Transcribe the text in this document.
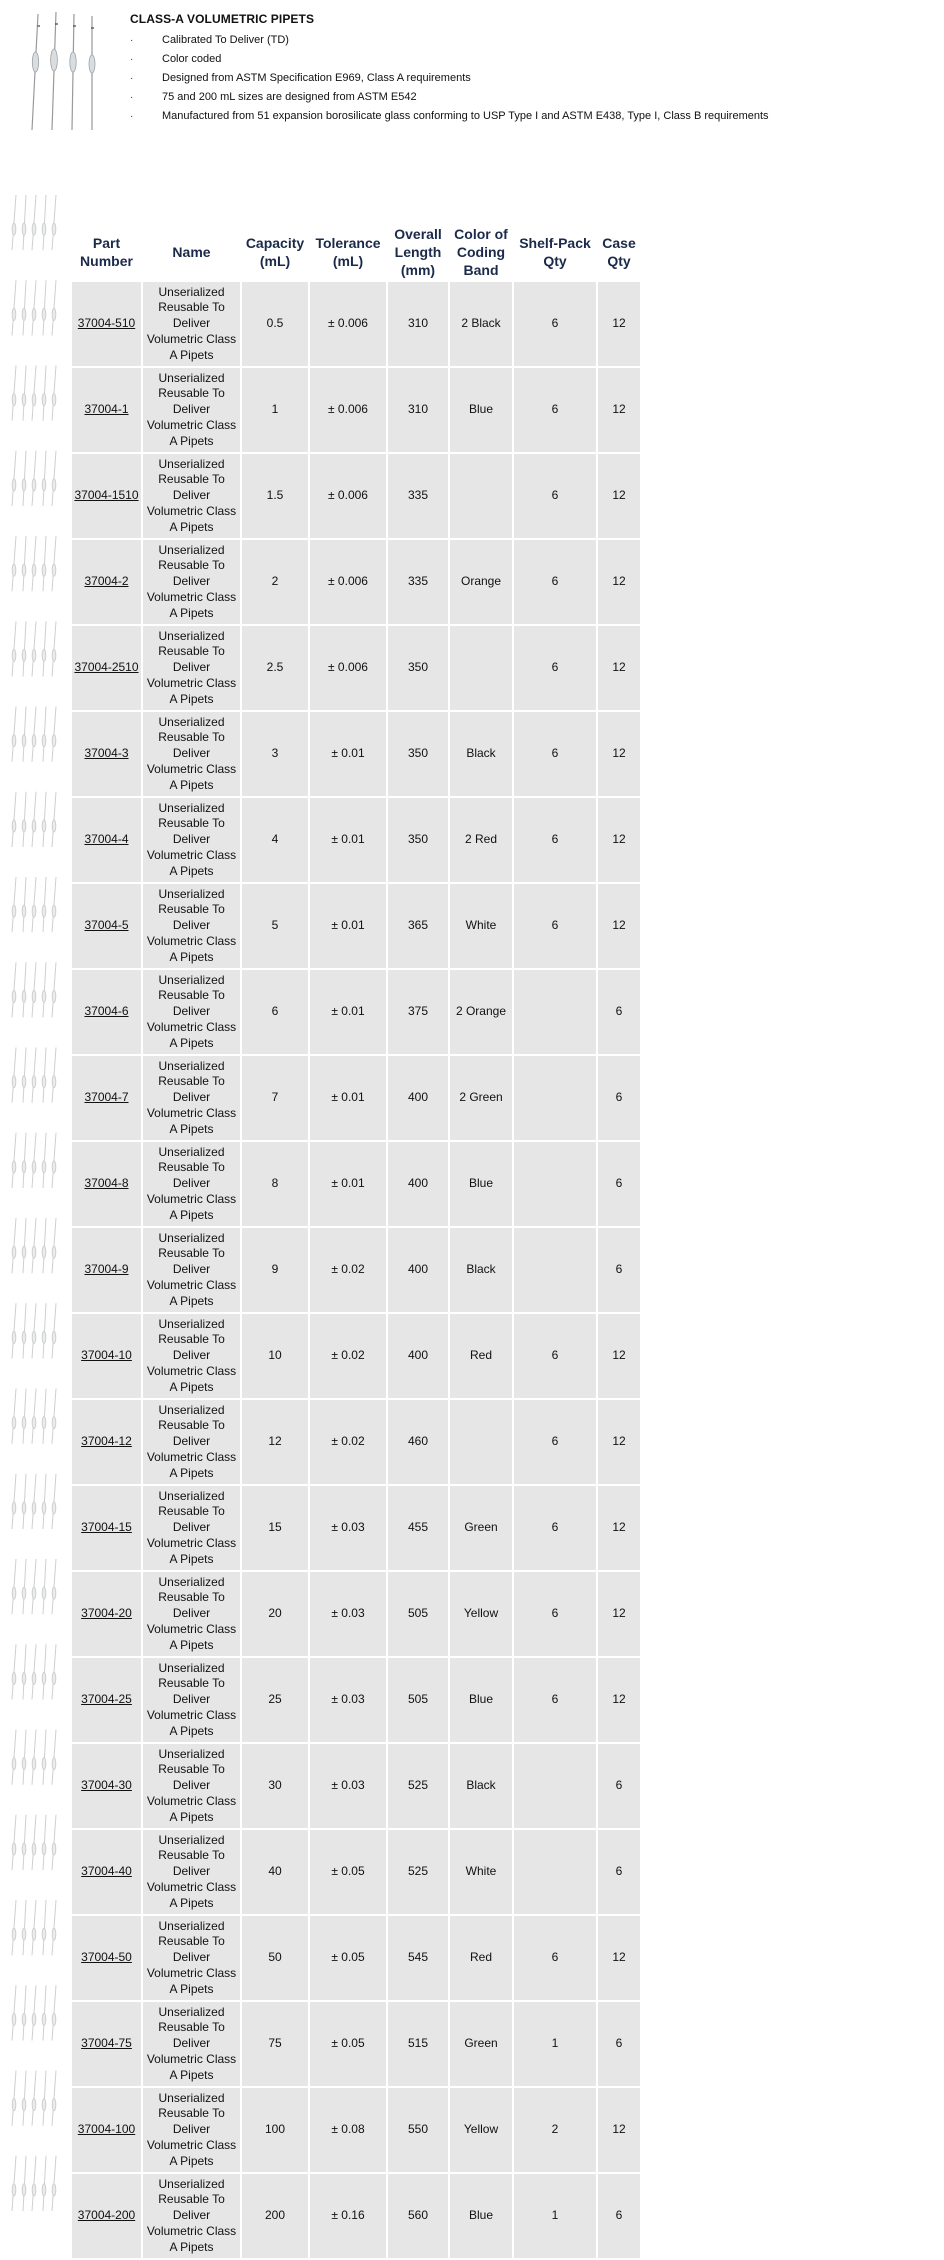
CLASS-A VOLUMETRIC PIPETS
·	Calibrated To Deliver (TD)
·	Color coded
·	Designed from ASTM Specification E969, Class A requirements
·	75 and 200 mL sizes are designed from ASTM E542
·	Manufactured from 51 expansion borosilicate glass conforming to USP Type I and ASTM E438, Type I, Class B requirements
Part Number	Name	Capacity (mL)	Tolerance (mL)	Overall Length (mm)	Color of Coding Band	Shelf-Pack Qty	Case Qty
37004-510	Unserialized Reusable To Deliver Volumetric Class A Pipets	0.5	± 0.006	310	2 Black	6	12
37004-1	Unserialized Reusable To Deliver Volumetric Class A Pipets	1	± 0.006	310	Blue	6	12
37004-1510	Unserialized Reusable To Deliver Volumetric Class A Pipets	1.5	± 0.006	335		6	12
37004-2	Unserialized Reusable To Deliver Volumetric Class A Pipets	2	± 0.006	335	Orange	6	12
37004-2510	Unserialized Reusable To Deliver Volumetric Class A Pipets	2.5	± 0.006	350		6	12
37004-3	Unserialized Reusable To Deliver Volumetric Class A Pipets	3	± 0.01	350	Black	6	12
37004-4	Unserialized Reusable To Deliver Volumetric Class A Pipets	4	± 0.01	350	2 Red	6	12
37004-5	Unserialized Reusable To Deliver Volumetric Class A Pipets	5	± 0.01	365	White	6	12
37004-6	Unserialized Reusable To Deliver Volumetric Class A Pipets	6	± 0.01	375	2 Orange		6
37004-7	Unserialized Reusable To Deliver Volumetric Class A Pipets	7	± 0.01	400	2 Green		6
37004-8	Unserialized Reusable To Deliver Volumetric Class A Pipets	8	± 0.01	400	Blue		6
37004-9	Unserialized Reusable To Deliver Volumetric Class A Pipets	9	± 0.02	400	Black		6
37004-10	Unserialized Reusable To Deliver Volumetric Class A Pipets	10	± 0.02	400	Red	6	12
37004-12	Unserialized Reusable To Deliver Volumetric Class A Pipets	12	± 0.02	460		6	12
37004-15	Unserialized Reusable To Deliver Volumetric Class A Pipets	15	± 0.03	455	Green	6	12
37004-20	Unserialized Reusable To Deliver Volumetric Class A Pipets	20	± 0.03	505	Yellow	6	12
37004-25	Unserialized Reusable To Deliver Volumetric Class A Pipets	25	± 0.03	505	Blue	6	12
37004-30	Unserialized Reusable To Deliver Volumetric Class A Pipets	30	± 0.03	525	Black		6
37004-40	Unserialized Reusable To Deliver Volumetric Class A Pipets	40	± 0.05	525	White		6
37004-50	Unserialized Reusable To Deliver Volumetric Class A Pipets	50	± 0.05	545	Red	6	12
37004-75	Unserialized Reusable To Deliver Volumetric Class A Pipets	75	± 0.05	515	Green	1	6
37004-100	Unserialized Reusable To Deliver Volumetric Class A Pipets	100	± 0.08	550	Yellow	2	12
37004-200	Unserialized Reusable To Deliver Volumetric Class A Pipets	200	± 0.16	560	Blue	1	6
